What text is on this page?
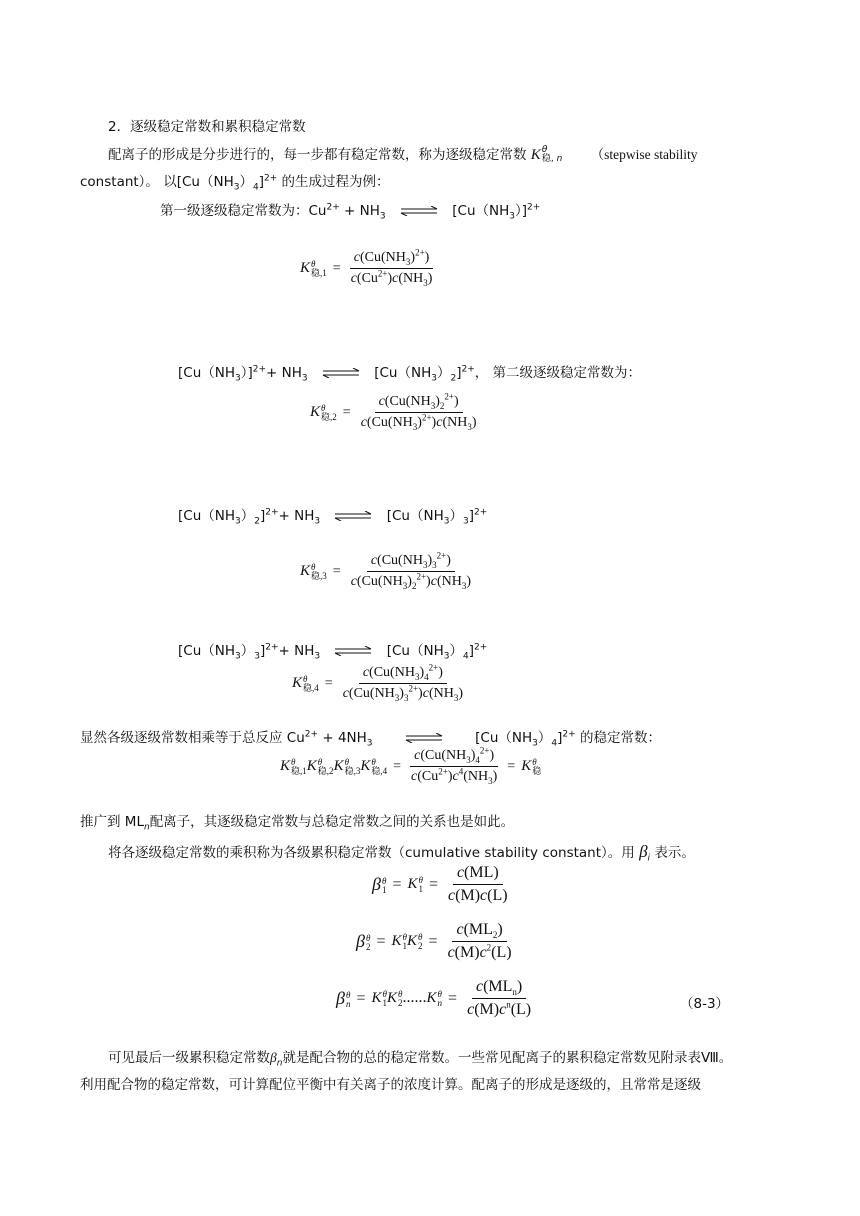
2．逐级稳定常数和累积稳定常数
配离子的形成是分步进行的，每一步都有稳定常数，称为逐级稳定常数 K θ
稳, n （stepwise stability
constant）。 以$[Cu(NH_3)_4]^{2+}$ 的生成过程为例：
第一级逐级稳定常数为：$Cu^{2+} + NH_3$ ⇌ $[Cu(NH_3)]^{2+}$
K θ
稳$,1 = \frac{c(Cu(NH_3)^{2+})}{c(Cu^{2+})c(NH_3)}$
$[Cu(NH_3)]^{2+}+ NH_3$ ⇌ $[Cu(NH_3)_2]^{2+}$， 第二级逐级稳定常数为：
K θ
稳$,2 = \frac{c(Cu(NH_3)_2^{2+})}{c(Cu(NH_3)^{2+})c(NH_3)}$
$[Cu(NH_3)_2]^{2+}+ NH_3$ ⇌ $[Cu(NH_3)_3]^{2+}$
K θ
稳$,3 = \frac{c(Cu(NH_3)_3^{2+})}{c(Cu(NH_3)_2^{2+})c(NH_3)}$
$[Cu(NH_3)_3]^{2+}+ NH_3$ ⇌ $[Cu(NH_3)_4]^{2+}$
K θ
稳$,4 = \frac{c(Cu(NH_3)_4^{2+})}{c(Cu(NH_3)_3^{2+})c(NH_3)}$
显然各级逐级常数相乘等于总反应 $Cu^{2+} + 4NH_3$	$[Cu(NH_3)_4]^{2+}$ 的稳定常数：
K θ
稳,1 K θ
稳,2 K θ
稳,3 K θ
稳$,4 = \frac{c(Cu(NH_3)_4^{2+})}{c(Cu^{2+})c^4(NH_3)} = K$ θ
稳
推广到 $ML_n$配离子，其逐级稳定常数与总稳定常数之间的关系也是如此。
将各逐级稳定常数的乘积称为各级累积稳定常数（cumulative stability constant）。用 $\beta_i$ 表示。
β θ
1 = K θ
$1 = \frac{c(ML)}{c(M)c(L)}$
β θ
2 = K θ
1 K θ
$2 = \frac{c(ML_2)}{c(M)c^2(L)}$
β θ
n = K θ
1 K θ
2 ......K θ
$n = \frac{c(ML_n)}{c(M)c^n(L)}$	（8-3）
可见最后一级累积稳定常数$\beta_n$就是配合物的总的稳定常数。一些常见配离子的累积稳定常数见附录表Ⅷ。
利用配合物的稳定常数，可计算配位平衡中有关离子的浓度计算。配离子的形成是逐级的，且常常是逐级
